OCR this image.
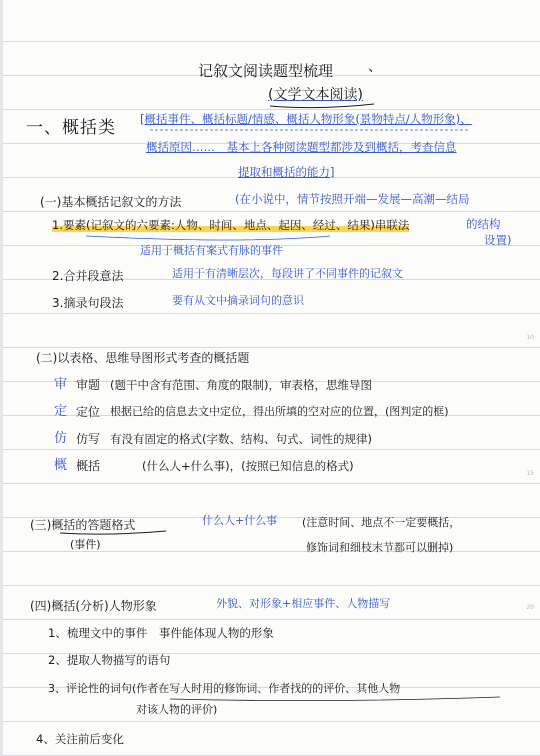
记叙文阅读题型梳理 、
(文学文本阅读)
一、概括类 [概括事件、概括标题/情感、概括人物形象(景物特点/人物形象)、
概括原因……　基本上各种阅读题型都涉及到概括，考查信息
提取和概括的能力]
(一)基本概括记叙文的方法	(在小说中，情节按照开端—发展—高潮—结局
1.要素(记叙文的六要素:人物、时间、地点、起因、经过、结果)串联法	的结构
设置)
适用于概括有案式有脉的事件
2.合并段意法	适用于有清晰层次，每段讲了不同事件的记叙文
3.摘录句段法	要有从文中摘录词句的意识
(二)以表格、思维导图形式考查的概括题
审 审题 (题干中含有范围、角度的限制)，审表格，思维导图
定 定位 根据已给的信息去文中定位，得出所填的空对应的位置，(图判定的框)
仿 仿写 有没有固定的格式(字数、结构、句式、词性的规律)
概 概括	(什么人+什么事)，(按照已知信息的格式)
(三)概括的答题格式
(事件)
什么人+什么事 (注意时间、地点不一定要概括，
修饰词和细枝末节都可以删掉)
(四)概括(分析)人物形象	外貌、对形象+相应事件、人物描写
1、梳理文中的事件　事件能体现人物的形象
2、提取人物描写的语句
3、评论性的词句(作者在写人时用的修饰词、作者找的的评价、其他人物
对该人物的评价)
4、关注前后变化
10
15
20
